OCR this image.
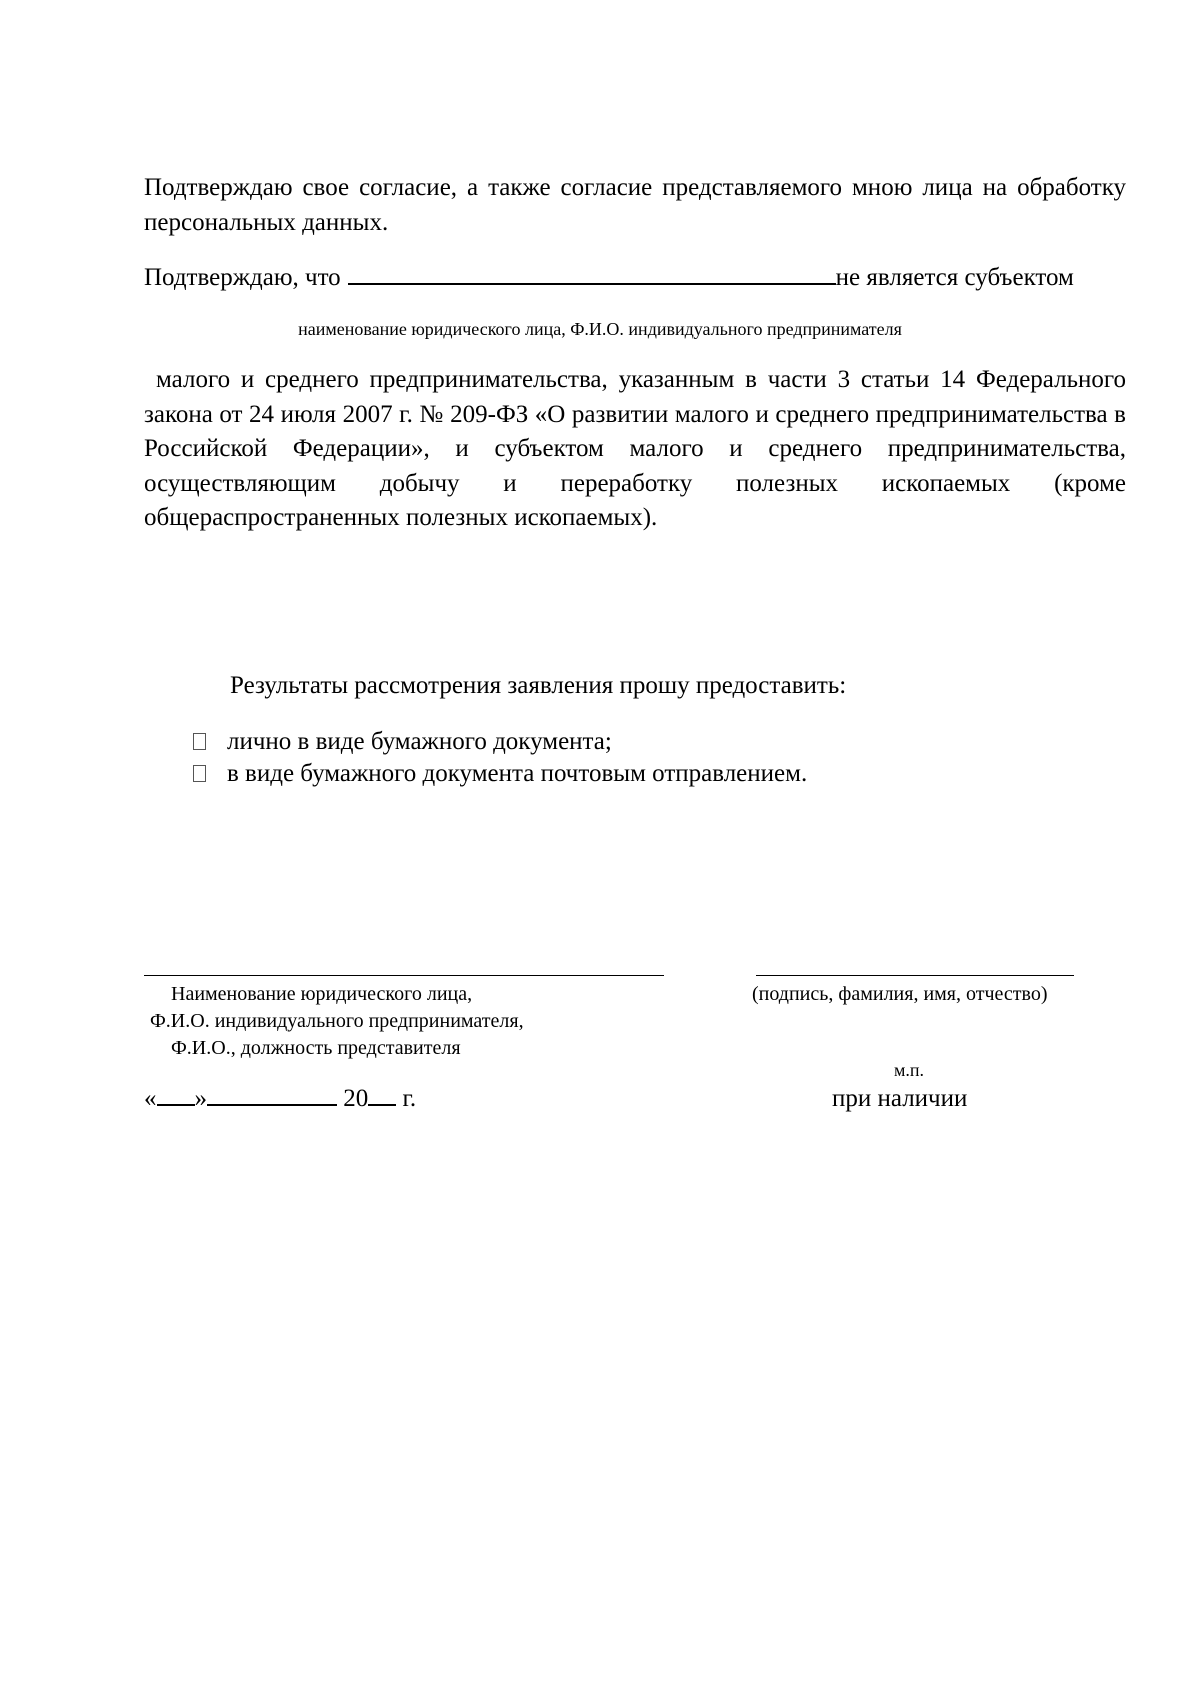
Подтверждаю свое согласие, а также согласие представляемого мною лица на обработку персональных данных.

Подтверждаю, что	не является субъектом
наименование юридического лица, Ф.И.О. индивидуального предпринимателя

малого и среднего предпринимательства, указанным в части 3 статьи 14 Федерального закона от 24 июля 2007 г. № 209-ФЗ «О развитии малого и среднего предпринимательства в Российской Федерации», и субъектом малого и среднего предпринимательства, осуществляющим добычу и переработку полезных ископаемых (кроме общераспространенных полезных ископаемых).

Результаты рассмотрения заявления прошу предоставить:
лично в виде бумажного документа;
в виде бумажного документа почтовым отправлением.
Наименование юридического лица,
Ф.И.О. индивидуального предпринимателя,
Ф.И.О., должность представителя
(подпись, фамилия, имя, отчество)
м.п.
« »	20 г.	при наличии
